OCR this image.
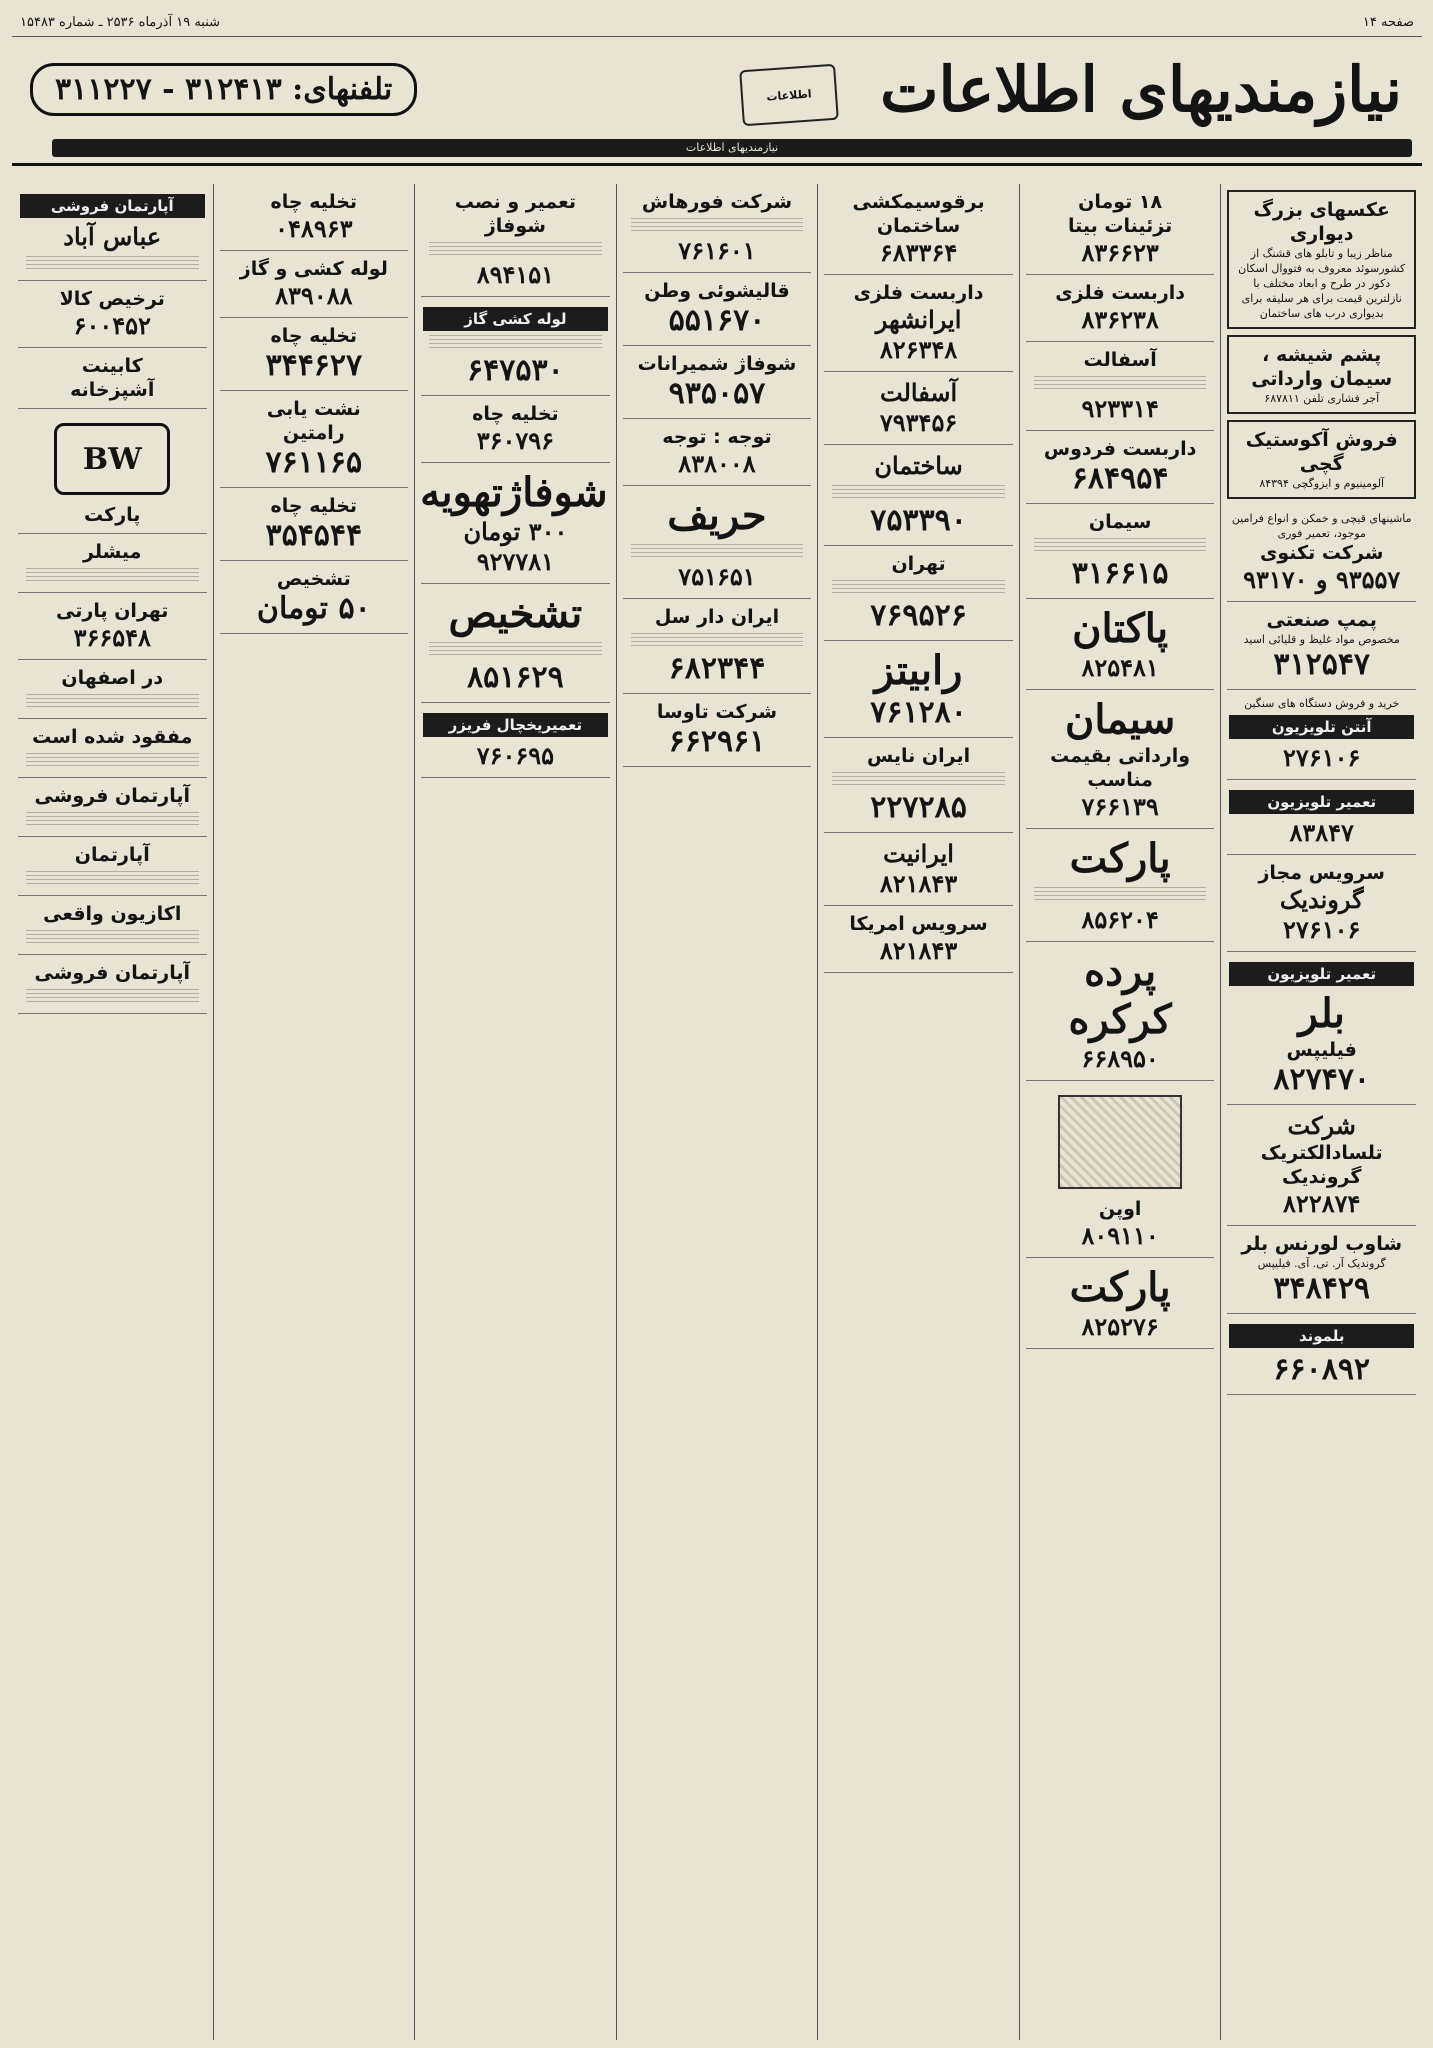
صفحه ۱۴
شنبه ۱۹ آذرماه ۲۵۳۶ ـ شماره ۱۵۴۸۳
نیازمندیهای اطلاعات
اطلاعات
تلفنهای: ۳۱۲۴۱۳ - ۳۱۱۲۲۷
نیازمندیهای اطلاعات
عکسهای بزرگ دیواری
مناظر زیبا و تابلو های قشنگ از کشورسوئد معروف به فتووال اسکان دکور در طرح و ابعاد مختلف با نازلترین قیمت برای هر سلیقه برای بدیواری درب های ساختمان
پشم شیشه ، سیمان وارداتی
آجر فشاری تلفن ۶۸۷۸۱۱
فروش آکوستیک گچی
آلومینیوم و ایزوگچی ۸۴۳۹۴
ماشینهای قیچی و خمکن و انواع فرامین موجود، تعمیر فوری
شرکت تکنوی
۹۳۵۵۷ و ۹۳۱۷۰
پمپ صنعتی
مخصوص مواد غلیظ و قلیائی اسید
۳۱۲۵۴۷
خرید و فروش دستگاه های سنگین
آنتن تلویزیون
۲۷۶۱۰۶
تعمیر تلویزیون
۸۳۸۴۷
سرویس مجاز
گروندیک
۲۷۶۱۰۶
تعمیر تلویزیون
بلر
فیلیپس
۸۲۷۴۷۰
شرکت
تلسادالکتریک
گروندیک
۸۲۲۸۷۴
شاوب لورنس بلر
گروندیک آر. تی. آی. فیلیپس
۳۴۸۴۲۹
بلموند
۶۶۰۸۹۲
۱۸ تومان
تزئینات بیتا
۸۳۶۶۲۳
داربست فلزی
۸۳۶۲۳۸
آسفالت
۹۲۳۳۱۴
داربست فردوس
۶۸۴۹۵۴
سیمان
۳۱۶۶۱۵
پاکتان
۸۲۵۴۸۱
سیمان
وارداتی بقیمت مناسب
۷۶۶۱۳۹
پارکت
۸۵۶۲۰۴
پرده کرکره
۶۶۸۹۵۰
اوپن
۸۰۹۱۱۰
پارکت
۸۲۵۲۷۶
برقوسیمکشی ساختمان
۶۸۳۳۶۴
داربست فلزی
ایرانشهر
۸۲۶۳۴۸
آسفالت
۷۹۳۴۵۶
ساختمان
۷۵۳۳۹۰
تهران
۷۶۹۵۲۶
رابیتز
۷۶۱۲۸۰
ایران نایس
۲۲۷۲۸۵
ایرانیت
۸۲۱۸۴۳
سرویس امریکا
۸۲۱۸۴۳
شرکت فورهاش
۷۶۱۶۰۱
قالیشوئی وطن
۵۵۱۶۷۰
شوفاژ شمیرانات
۹۳۵۰۵۷
توجه : توجه
۸۳۸۰۰۸
حریف
۷۵۱۶۵۱
ایران دار سل
۶۸۲۳۴۴
شرکت تاوسا
۶۶۲۹۶۱
تعمیر و نصب شوفاژ
۸۹۴۱۵۱
لوله کشی گاز
۶۴۷۵۳۰
تخلیه چاه
۳۶۰۷۹۶
شوفاژتهویه
۳۰۰ تومان
۹۲۷۷۸۱
تشخیص
۸۵۱۶۲۹
تعمیریخچال فریزر
۷۶۰۶۹۵
تخلیه چاه
۰۴۸۹۶۳
لوله کشی و گاز
۸۳۹۰۸۸
تخلیه چاه
۳۴۴۶۲۷
نشت یابی
رامتین
۷۶۱۱۶۵
تخلیه چاه
۳۵۴۵۴۴
تشخیص
۵۰ تومان
آپارتمان فروشی
عباس آباد
ترخیص کالا
۶۰۰۴۵۲
کابینت
آشپزخانه
BW
پارکت
میشلر
تهران پارتی
۳۶۶۵۴۸
در اصفهان
مفقود شده است
آپارتمان فروشی
آپارتمان
اکازیون واقعی
آپارتمان فروشی
